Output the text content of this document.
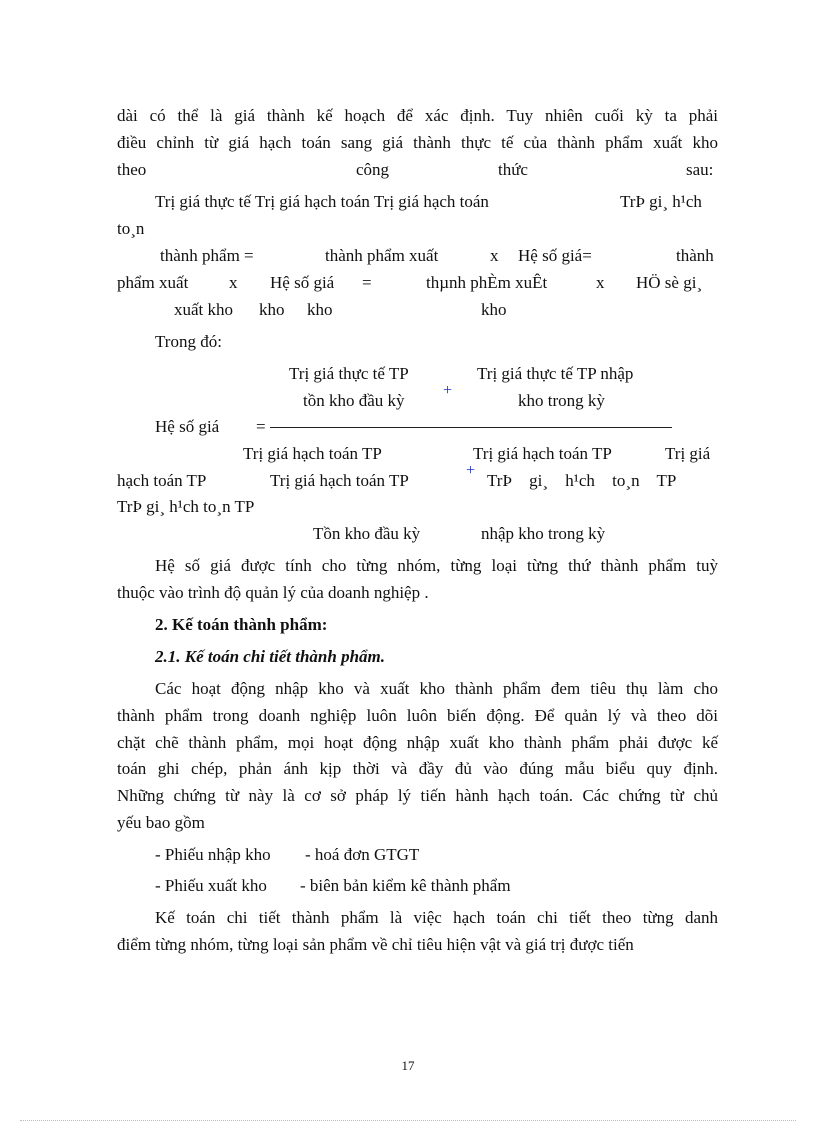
dài có thể là giá thành kế hoạch để xác định. Tuy nhiên cuối kỳ ta phải
điều chỉnh từ giá hạch toán sang giá thành thực tế của thành phẩm xuất kho
theo	công	thức	sau:
Trị giá thực tế Trị giá hạch toán Trị giá hạch toán	TrÞ gi¸ h¹ch
to¸n
thành phẩm =	thành phẩm xuất	x Hệ số giá=	thành
phẩm xuất x Hệ số giá =	thµnh phÈm xuÊt	x HÖ sè gi¸
xuất kho kho kho	kho
Trong đó:
Trị giá thực tế TP	Trị giá thực tế TP nhập
tồn kho đầu kỳ	kho trong kỳ
+
Hệ số giá =
Trị giá hạch toán TP	Trị giá hạch toán TP	Trị giá
hạch toán TP	Trị giá hạch toán TP
+
TrÞ gi¸ h¹ch to¸n TP
TrÞ gi¸ h¹ch to¸n TP
Tồn kho đầu kỳ	nhập kho trong kỳ
Hệ số giá được tính cho từng nhóm, từng loại từng thứ thành phẩm tuỳ
thuộc vào trình độ quản lý của doanh nghiệp .
2. Kế toán thành phẩm:
2.1. Kế toán chi tiết thành phẩm.
Các hoạt động nhập kho và xuất kho thành phẩm đem tiêu thụ làm cho
thành phẩm trong doanh nghiệp luôn luôn biến động. Để quản lý và theo dõi
chặt chẽ thành phẩm, mọi hoạt động nhập xuất kho thành phẩm phải được kế
toán ghi chép, phản ánh kịp thời và đầy đủ vào đúng mẫu biểu quy định.
Những chứng từ này là cơ sở pháp lý tiến hành hạch toán. Các chứng từ chủ
yếu bao gồm
- Phiếu nhập kho - hoá đơn GTGT
- Phiếu xuất kho - biên bản kiểm kê thành phẩm
Kế toán chi tiết thành phẩm là việc hạch toán chi tiết theo từng danh
điểm từng nhóm, từng loại sản phẩm về chỉ tiêu hiện vật và giá trị được tiến
17
